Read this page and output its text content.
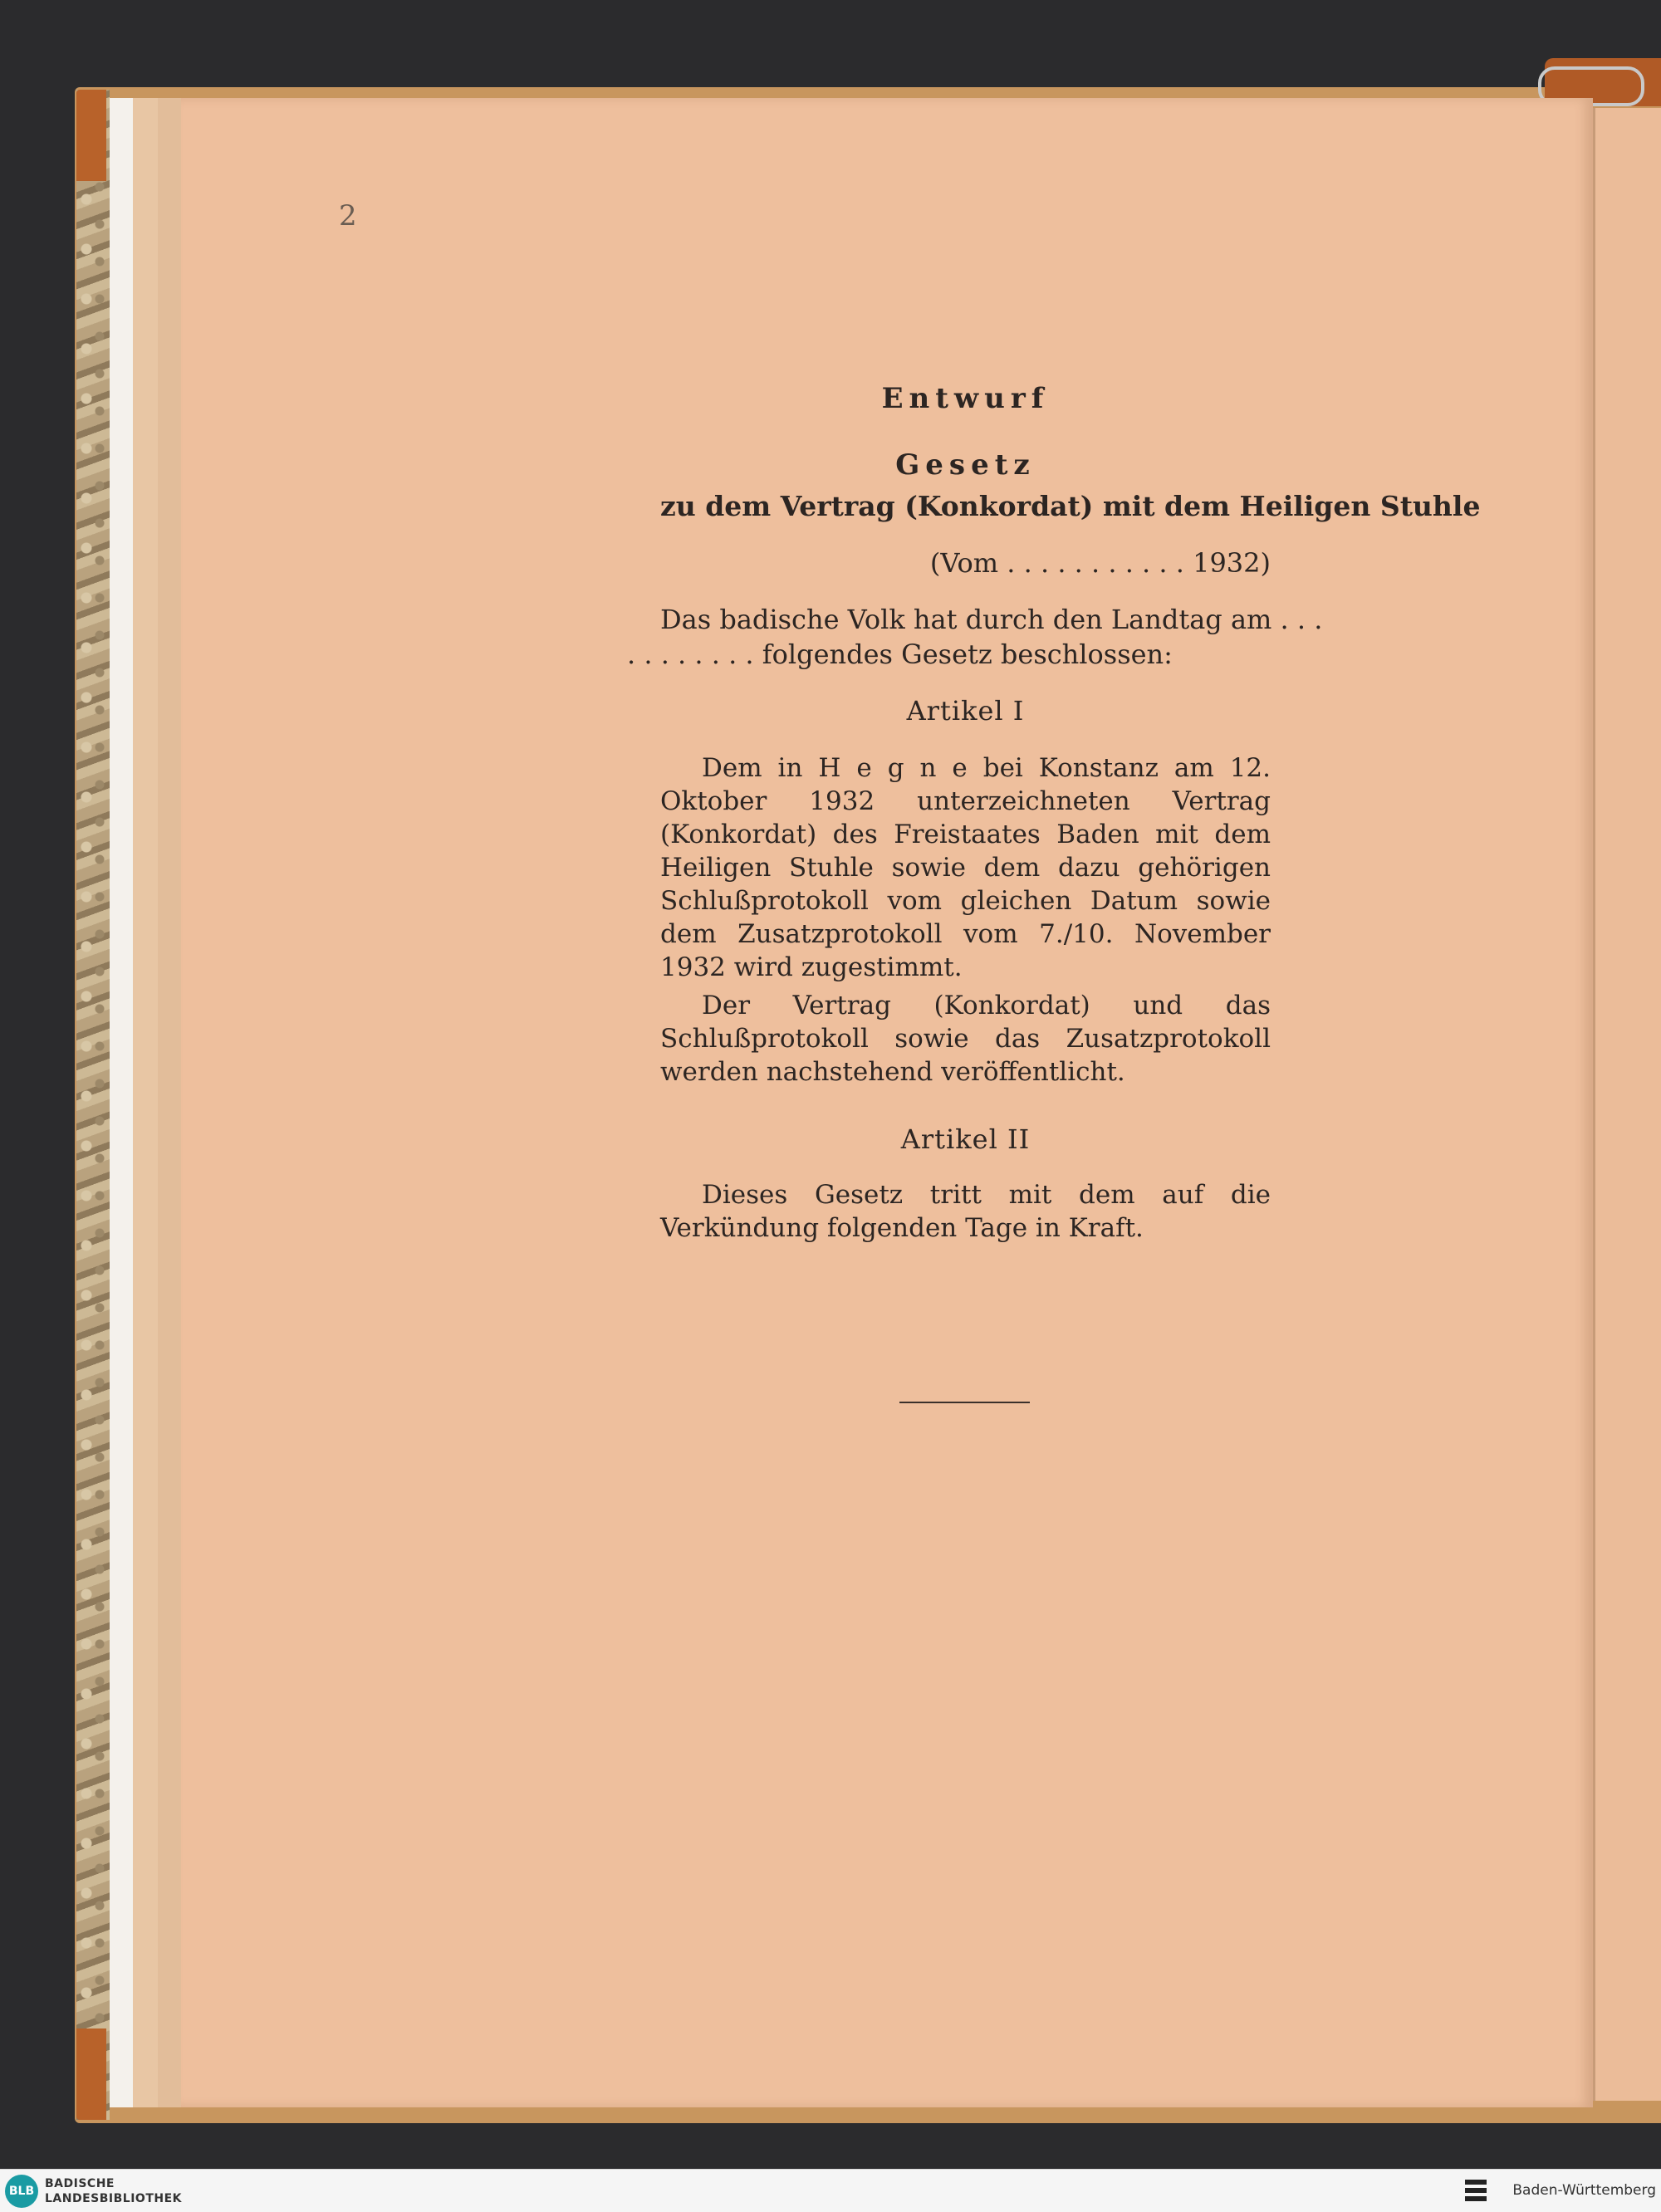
2

Entwurf

Gesetz

zu dem Vertrag (Konkordat) mit dem Heiligen Stuhle

(Vom . . . . . . . . . . . 1932)

Das badische Volk hat durch den Landtag am . . .

. . . . . . . . folgendes Gesetz beschlossen:

Artikel I

Dem in H e g n e bei Konstanz am 12. Oktober 1932 unterzeichneten Vertrag (Konkordat) des Freistaates Baden mit dem Heiligen Stuhle sowie dem dazu gehörigen Schlußprotokoll vom gleichen Datum sowie dem Zusatzprotokoll vom 7./10. November 1932 wird zugestimmt.

Der Vertrag (Konkordat) und das Schlußprotokoll sowie das Zusatzprotokoll werden nachstehend veröffentlicht.

Artikel II

Dieses Gesetz tritt mit dem auf die Verkündung folgenden Tage in Kraft.

BLB
BADISCHE
LANDESBIBLIOTHEK	Baden-Württemberg
